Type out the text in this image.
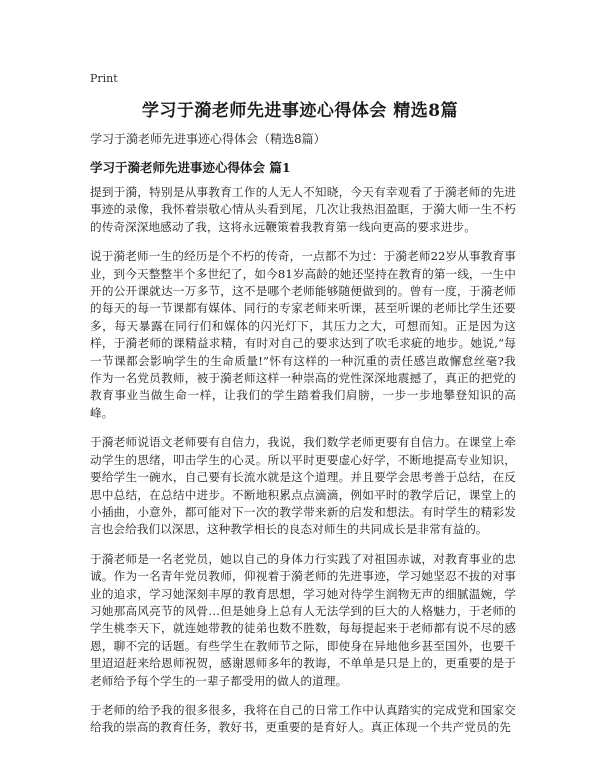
Print
学习于漪老师先进事迹心得体会 精选8篇
学习于漪老师先进事迹心得体会（精选8篇）
学习于漪老师先进事迹心得体会 篇1

提到于漪，特别是从事教育工作的人无人不知晓，今天有幸观看了于漪老师的先进事迹的录像，我怀着崇敬心情从头看到尾，几次让我热泪盈眶，于漪大师一生不朽的传奇深深地感动了我，这将永远鞭策着我教育第一线向更高的要求进步。

说于漪老师一生的经历是个不朽的传奇，一点都不为过：于漪老师22岁从事教育事业，到今天整整半个多世纪了，如今81岁高龄的她还坚持在教育的第一线，一生中开的公开课就达一万多节，这不是哪个老师能够随便做到的。曾有一度，于漪老师的每天的每一节课都有媒体、同行的专家老师来听课，甚至听课的老师比学生还要多，每天暴露在同行们和媒体的闪光灯下，其压力之大，可想而知。正是因为这样，于漪老师的课精益求精，有时对自己的要求达到了吹毛求疵的地步。她说,“每一节课都会影响学生的生命质量!”怀有这样的一种沉重的责任感岂敢懈怠丝毫?我作为一名党员教师，被于漪老师这样一种崇高的党性深深地震撼了，真正的把党的教育事业当做生命一样，让我们的学生踏着我们肩膀，一步一步地攀登知识的高峰。

于漪老师说语文老师要有自信力，我说，我们数学老师更要有自信力。在课堂上牵动学生的思绪，叩击学生的心灵。所以平时更要虚心好学，不断地提高专业知识，要给学生一碗水，自己要有长流水就是这个道理。并且要学会思考善于总结，在反思中总结，在总结中进步。不断地积累点点滴滴，例如平时的教学后记，课堂上的小插曲，小意外，都可能对下一次的教学带来新的启发和想法。有时学生的精彩发言也会给我们以深思，这种教学相长的良态对师生的共同成长是非常有益的。

于漪老师是一名老党员，她以自己的身体力行实践了对祖国赤诚，对教育事业的忠诚。作为一名青年党员教师，仰视着于漪老师的先进事迹，学习她坚忍不拔的对事业的追求，学习她深刻丰厚的教育思想，学习她对待学生润物无声的细腻温婉，学习她那高风亮节的风骨…但是她身上总有人无法学到的巨大的人格魅力，于老师的学生桃李天下，就连她带教的徒弟也数不胜数，每每提起来于老师都有说不尽的感恩，聊不完的话题。有些学生在教师节之际，即使身在异地他乡甚至国外，也要千里迢迢赶来给恩师祝贺，感谢恩师多年的教诲，不单单是只是上的，更重要的是于老师给予每个学生的一辈子都受用的做人的道理。

于老师的给予我的很多很多，我将在自己的日常工作中认真踏实的完成党和国家交给我的崇高的教育任务，教好书，更重要的是育好人。真正体现一个共产党员的先
